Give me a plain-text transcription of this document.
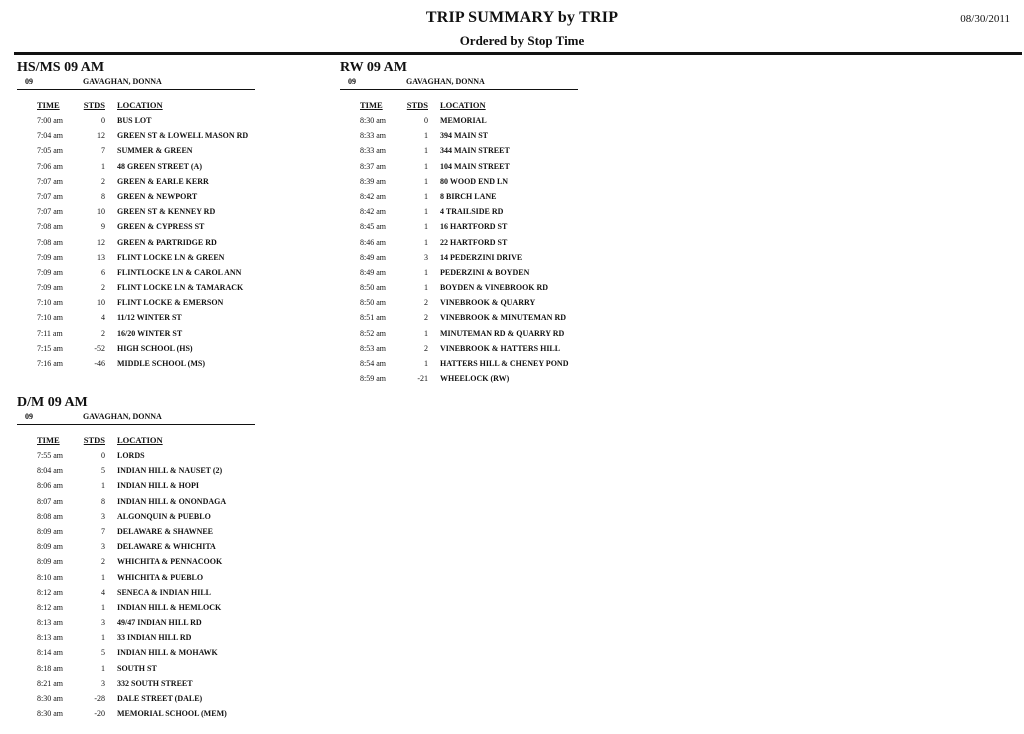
TRIP SUMMARY by TRIP
Ordered by Stop Time
08/30/2011
HS/MS 09 AM
09	GAVAGHAN, DONNA
TIME	STDS LOCATION
7:00 am	0 BUS LOT
7:04 am	12 GREEN ST & LOWELL MASON RD
7:05 am	7 SUMMER & GREEN
7:06 am	1 48 GREEN STREET (A)
7:07 am	2 GREEN & EARLE KERR
7:07 am	8 GREEN & NEWPORT
7:07 am	10 GREEN ST & KENNEY RD
7:08 am	9 GREEN & CYPRESS ST
7:08 am	12 GREEN & PARTRIDGE RD
7:09 am	13 FLINT LOCKE LN & GREEN
7:09 am	6 FLINTLOCKE LN & CAROL ANN
7:09 am	2 FLINT LOCKE LN & TAMARACK
7:10 am	10 FLINT LOCKE & EMERSON
7:10 am	4 11/12 WINTER ST
7:11 am	2 16/20 WINTER ST
7:15 am	-52 HIGH SCHOOL (HS)
7:16 am	-46 MIDDLE SCHOOL (MS)
RW 09 AM
09	GAVAGHAN, DONNA
TIME	STDS LOCATION
8:30 am	0 MEMORIAL
8:33 am	1 394 MAIN ST
8:33 am	1 344 MAIN STREET
8:37 am	1 104 MAIN STREET
8:39 am	1 80 WOOD END LN
8:42 am	1 8 BIRCH LANE
8:42 am	1 4 TRAILSIDE RD
8:45 am	1 16 HARTFORD ST
8:46 am	1 22 HARTFORD ST
8:49 am	3 14 PEDERZINI DRIVE
8:49 am	1 PEDERZINI & BOYDEN
8:50 am	1 BOYDEN & VINEBROOK RD
8:50 am	2 VINEBROOK & QUARRY
8:51 am	2 VINEBROOK & MINUTEMAN RD
8:52 am	1 MINUTEMAN RD & QUARRY RD
8:53 am	2 VINEBROOK & HATTERS HILL
8:54 am	1 HATTERS HILL & CHENEY POND
8:59 am	-21 WHEELOCK (RW)
D/M 09 AM
09	GAVAGHAN, DONNA
TIME	STDS LOCATION
7:55 am	0 LORDS
8:04 am	5 INDIAN HILL & NAUSET (2)
8:06 am	1 INDIAN HILL & HOPI
8:07 am	8 INDIAN HILL & ONONDAGA
8:08 am	3 ALGONQUIN & PUEBLO
8:09 am	7 DELAWARE & SHAWNEE
8:09 am	3 DELAWARE & WHICHITA
8:09 am	2 WHICHITA & PENNACOOK
8:10 am	1 WHICHITA & PUEBLO
8:12 am	4 SENECA & INDIAN HILL
8:12 am	1 INDIAN HILL & HEMLOCK
8:13 am	3 49/47 INDIAN HILL RD
8:13 am	1 33 INDIAN HILL RD
8:14 am	5 INDIAN HILL & MOHAWK
8:18 am	1 SOUTH ST
8:21 am	3 332 SOUTH STREET
8:30 am	-28 DALE STREET (DALE)
8:30 am	-20 MEMORIAL SCHOOL (MEM)
